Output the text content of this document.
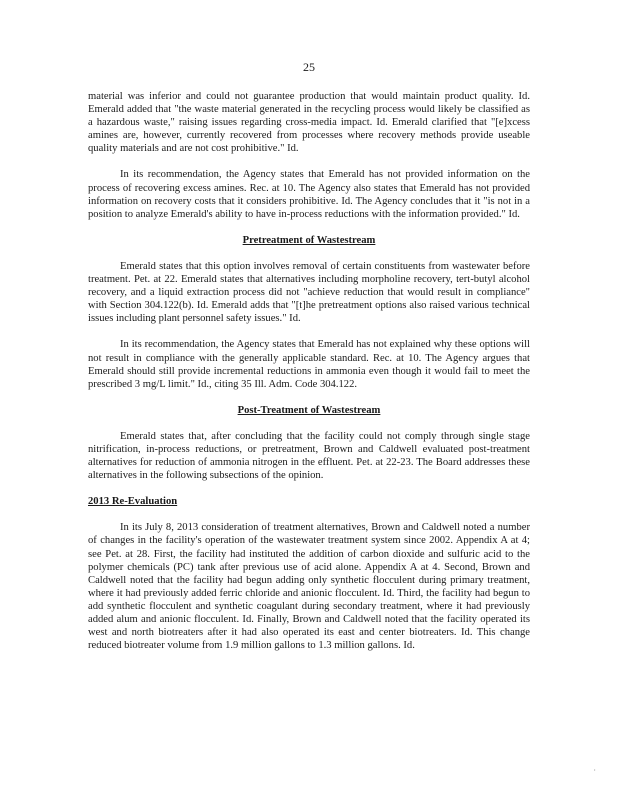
25

material was inferior and could not guarantee production that would maintain product quality. Id. Emerald added that "the waste material generated in the recycling process would likely be classified as a hazardous waste," raising issues regarding cross-media impact. Id. Emerald clarified that "[e]xcess amines are, however, currently recovered from processes where recovery methods provide useable quality materials and are not cost prohibitive." Id.

In its recommendation, the Agency states that Emerald has not provided information on the process of recovering excess amines. Rec. at 10. The Agency also states that Emerald has not provided information on recovery costs that it considers prohibitive. Id. The Agency concludes that it "is not in a position to analyze Emerald's ability to have in-process reductions with the information provided." Id.

Pretreatment of Wastestream

Emerald states that this option involves removal of certain constituents from wastewater before treatment. Pet. at 22. Emerald states that alternatives including morpholine recovery, tert-butyl alcohol recovery, and a liquid extraction process did not "achieve reduction that would result in compliance" with Section 304.122(b). Id. Emerald adds that "[t]he pretreatment options also raised various technical issues including plant personnel safety issues." Id.

In its recommendation, the Agency states that Emerald has not explained why these options will not result in compliance with the generally applicable standard. Rec. at 10. The Agency argues that Emerald should still provide incremental reductions in ammonia even though it would fail to meet the prescribed 3 mg/L limit." Id., citing 35 Ill. Adm. Code 304.122.

Post-Treatment of Wastestream

Emerald states that, after concluding that the facility could not comply through single stage nitrification, in-process reductions, or pretreatment, Brown and Caldwell evaluated post-treatment alternatives for reduction of ammonia nitrogen in the effluent. Pet. at 22-23. The Board addresses these alternatives in the following subsections of the opinion.

2013 Re-Evaluation

In its July 8, 2013 consideration of treatment alternatives, Brown and Caldwell noted a number of changes in the facility's operation of the wastewater treatment system since 2002. Appendix A at 4; see Pet. at 28. First, the facility had instituted the addition of carbon dioxide and sulfuric acid to the polymer chemicals (PC) tank after previous use of acid alone. Appendix A at 4. Second, Brown and Caldwell noted that the facility had begun adding only synthetic flocculent during primary treatment, where it had previously added ferric chloride and anionic flocculent. Id. Third, the facility had begun to add synthetic flocculent and synthetic coagulant during secondary treatment, where it had previously added alum and anionic flocculent. Id. Finally, Brown and Caldwell noted that the facility operated its west and north biotreaters after it had also operated its east and center biotreaters. Id. This change reduced biotreater volume from 1.9 million gallons to 1.3 million gallons. Id.

·
